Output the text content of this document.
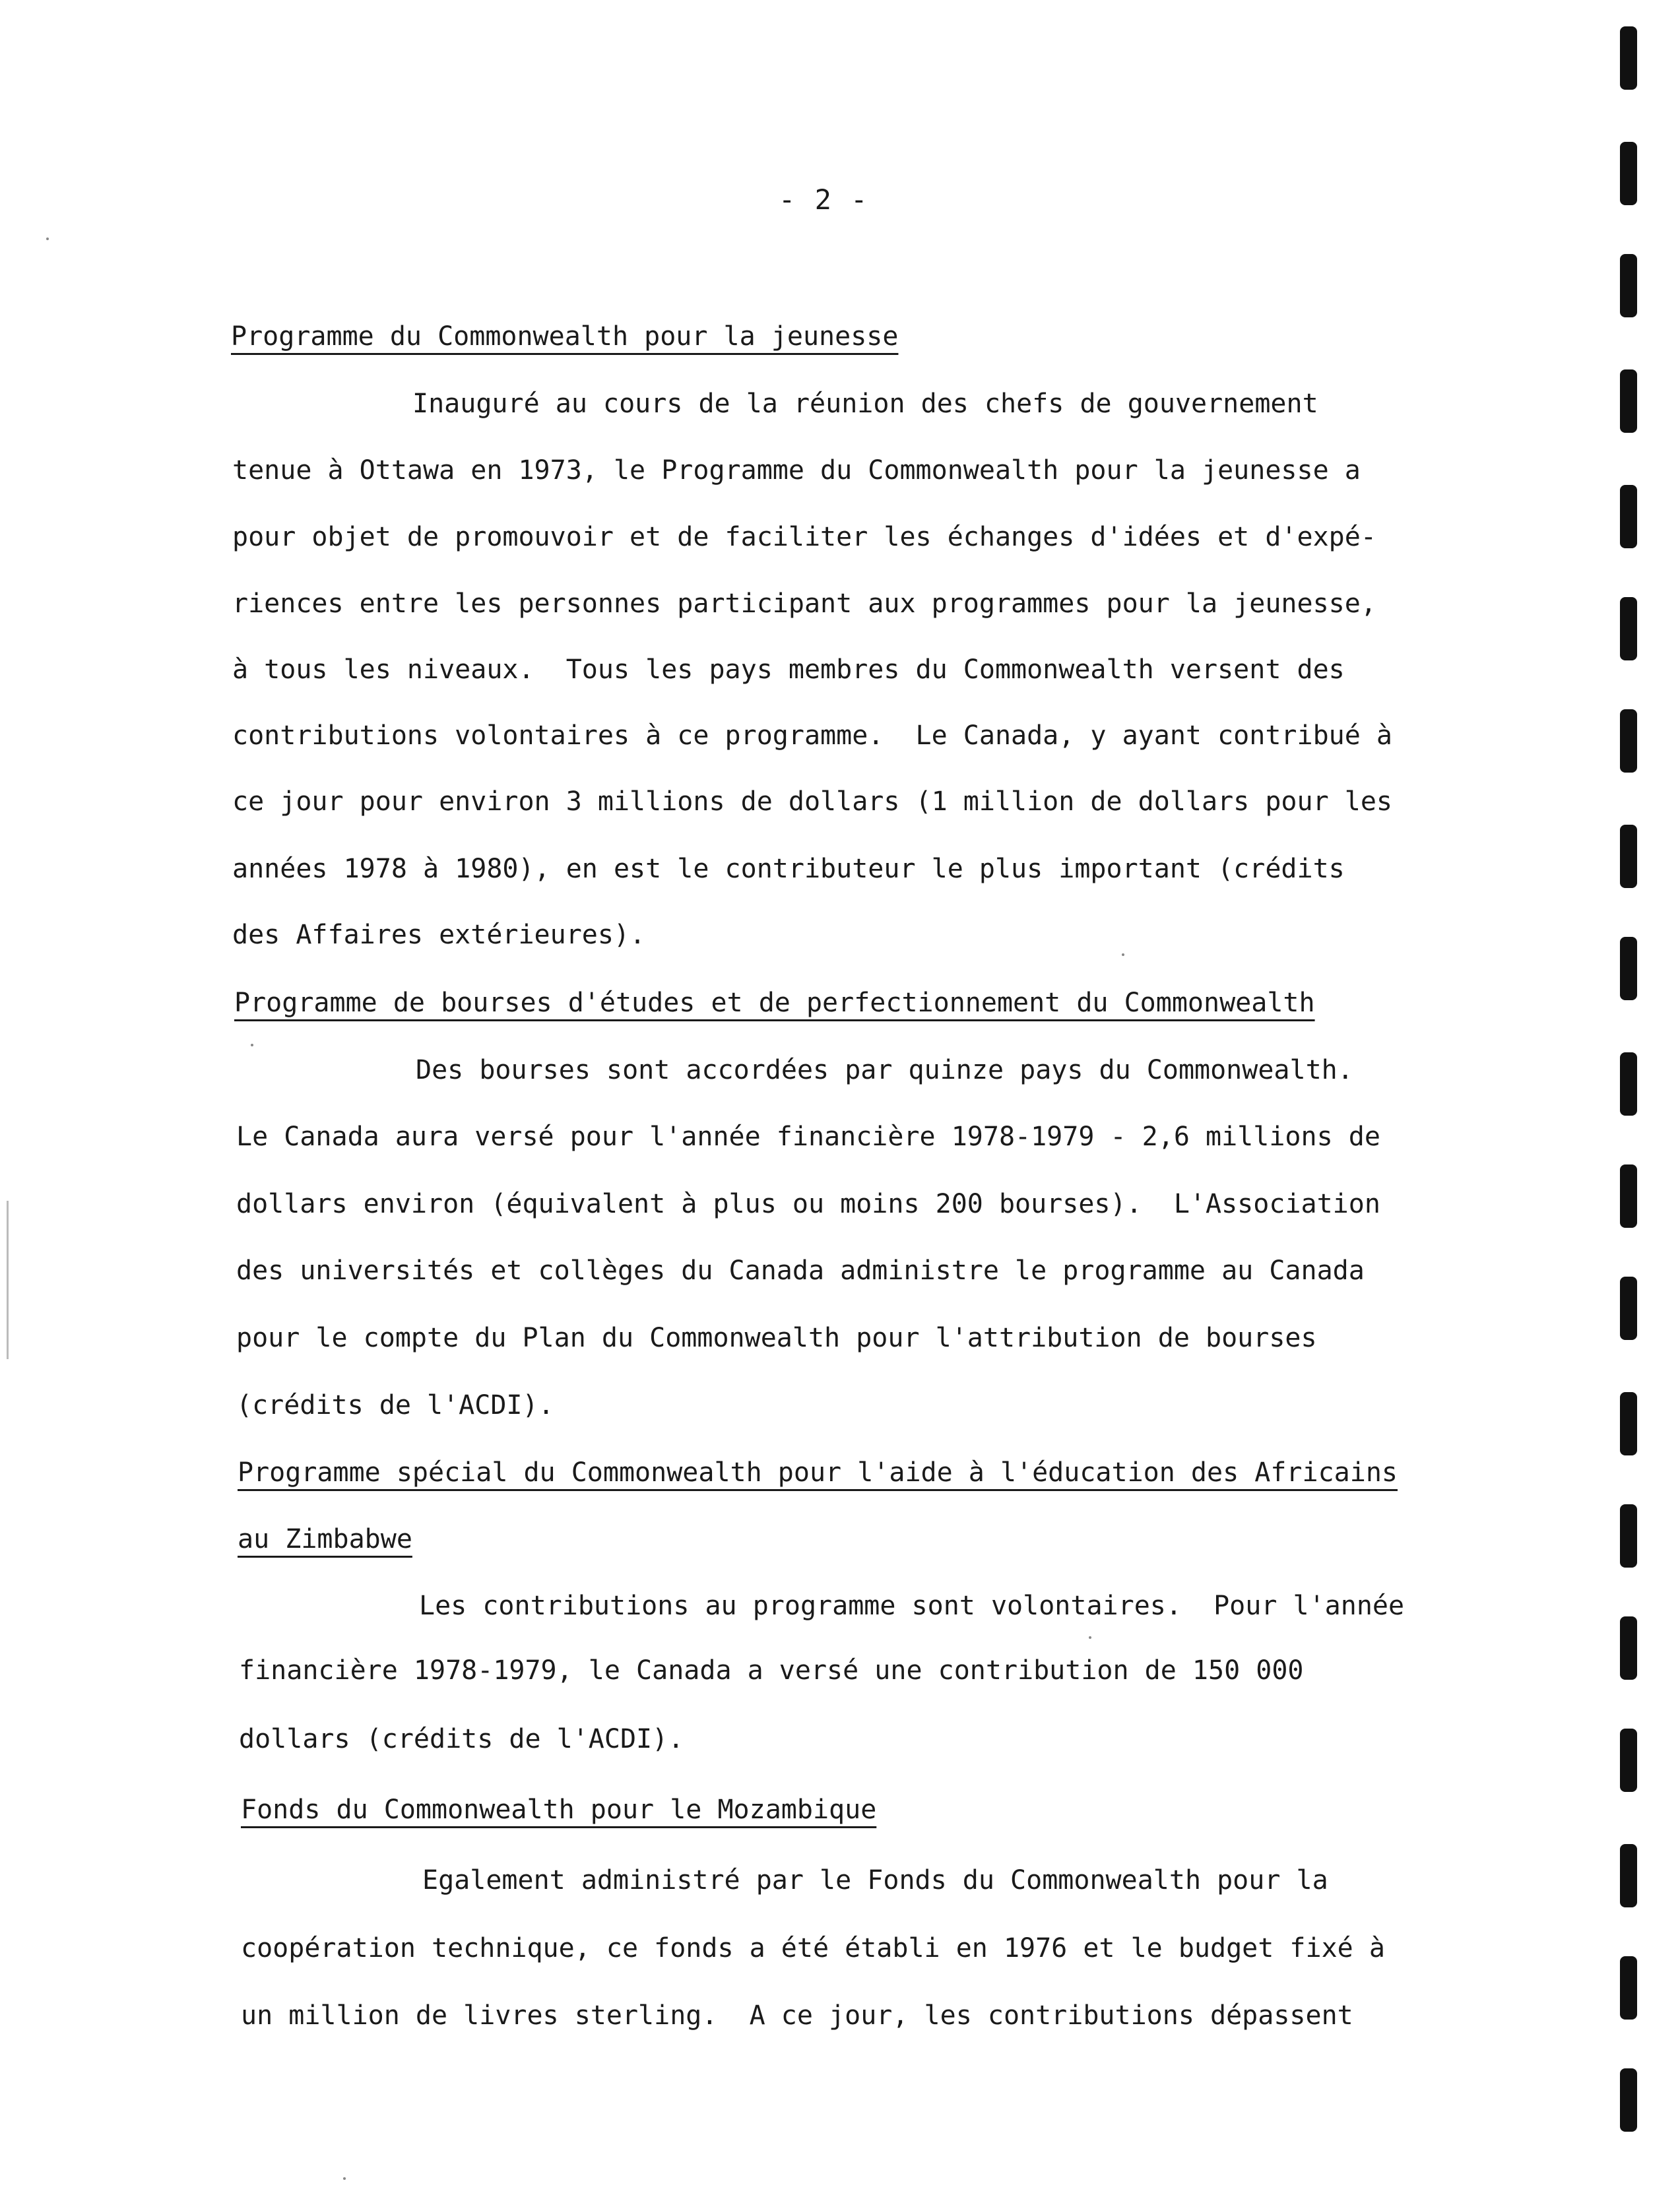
- 2 -
Programme du Commonwealth pour la jeunesse
Inauguré au cours de la réunion des chefs de gouvernement
tenue à Ottawa en 1973, le Programme du Commonwealth pour la jeunesse a
pour objet de promouvoir et de faciliter les échanges d'idées et d'expé-
riences entre les personnes participant aux programmes pour la jeunesse,
à tous les niveaux.  Tous les pays membres du Commonwealth versent des
contributions volontaires à ce programme.  Le Canada, y ayant contribué à
ce jour pour environ 3 millions de dollars (1 million de dollars pour les
années 1978 à 1980), en est le contributeur le plus important (crédits
des Affaires extérieures).
Programme de bourses d'études et de perfectionnement du Commonwealth
Des bourses sont accordées par quinze pays du Commonwealth.
Le Canada aura versé pour l'année financière 1978-1979 - 2,6 millions de
dollars environ (équivalent à plus ou moins 200 bourses).  L'Association
des universités et collèges du Canada administre le programme au Canada
pour le compte du Plan du Commonwealth pour l'attribution de bourses
(crédits de l'ACDI).
Programme spécial du Commonwealth pour l'aide à l'éducation des Africains
au Zimbabwe
Les contributions au programme sont volontaires.  Pour l'année
financière 1978-1979, le Canada a versé une contribution de 150 000
dollars (crédits de l'ACDI).
Fonds du Commonwealth pour le Mozambique
Egalement administré par le Fonds du Commonwealth pour la
coopération technique, ce fonds a été établi en 1976 et le budget fixé à
un million de livres sterling.  A ce jour, les contributions dépassent
